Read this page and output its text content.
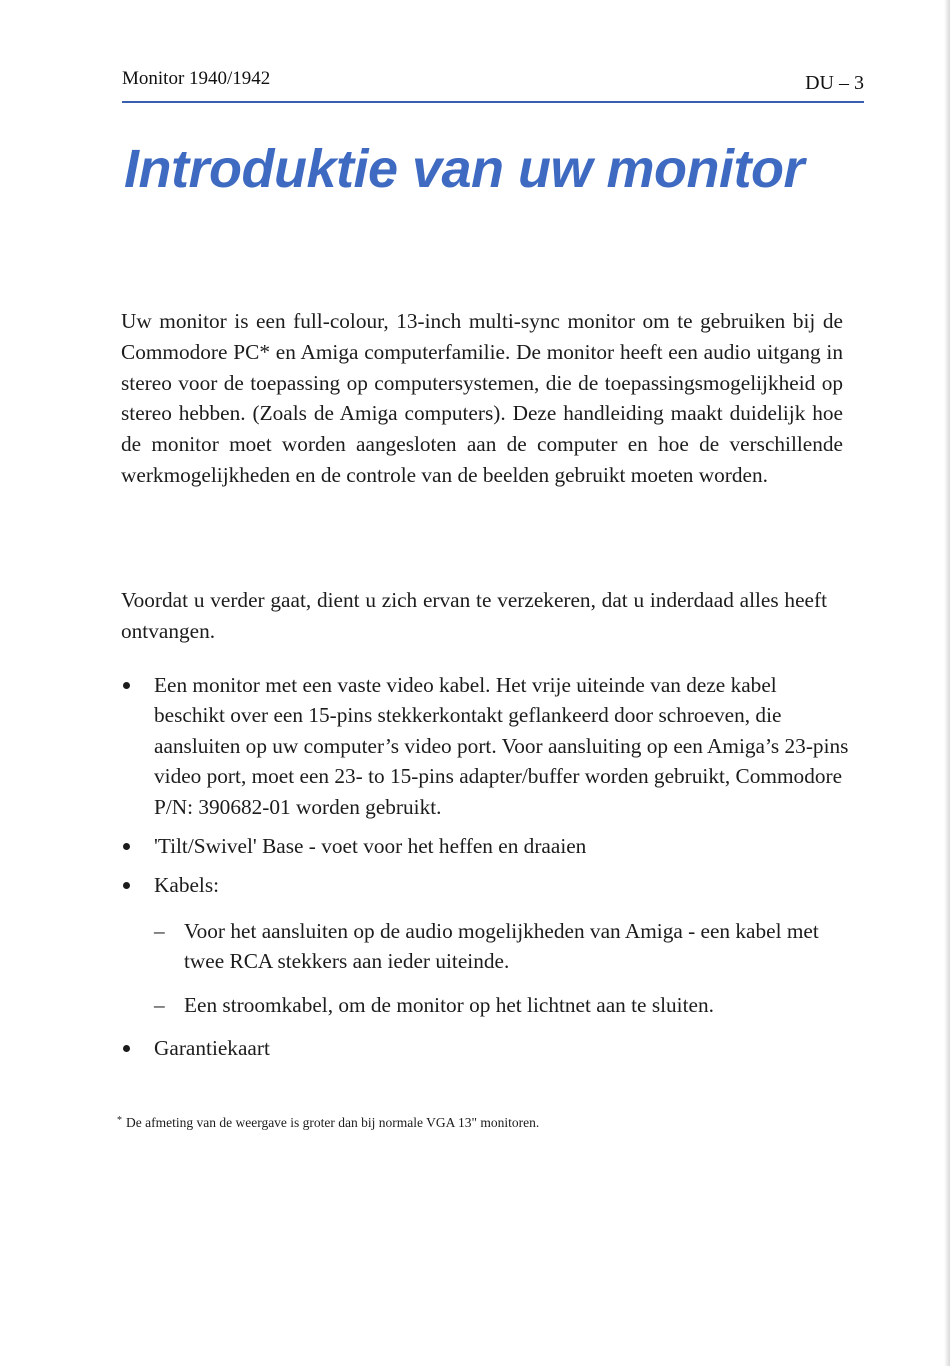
Monitor 1940/1942	DU – 3
Introduktie van uw monitor

Uw monitor is een full-colour, 13-inch multi-sync monitor om te gebruiken bij de Commodore PC* en Amiga computerfamilie. De monitor heeft een audio uitgang in stereo voor de toepassing op computersystemen, die de toepassingsmogelijkheid op stereo hebben. (Zoals de Amiga computers). Deze handleiding maakt duidelijk hoe de monitor moet worden aangesloten aan de computer en hoe de verschillende werkmogelijkheden en de controle van de beelden gebruikt moeten worden.

Voordat u verder gaat, dient u zich ervan te verzekeren, dat u inderdaad alles heeft ontvangen.

Een monitor met een vaste video kabel. Het vrije uiteinde van deze kabel beschikt over een 15-pins stekkerkontakt geflankeerd door schroeven, die aansluiten op uw computer’s video port. Voor aansluiting op een Amiga’s 23-pins video port, moet een 23- to 15-pins adapter/buffer worden gebruikt, Commodore P/N: 390682-01 worden gebruikt.
'Tilt/Swivel' Base - voet voor het heffen en draaien
Kabels:
– Voor het aansluiten op de audio mogelijkheden van Amiga - een kabel met twee RCA stekkers aan ieder uiteinde.
– Een stroomkabel, om de monitor op het lichtnet aan te sluiten.
Garantiekaart
* De afmeting van de weergave is groter dan bij normale VGA 13" monitoren.
